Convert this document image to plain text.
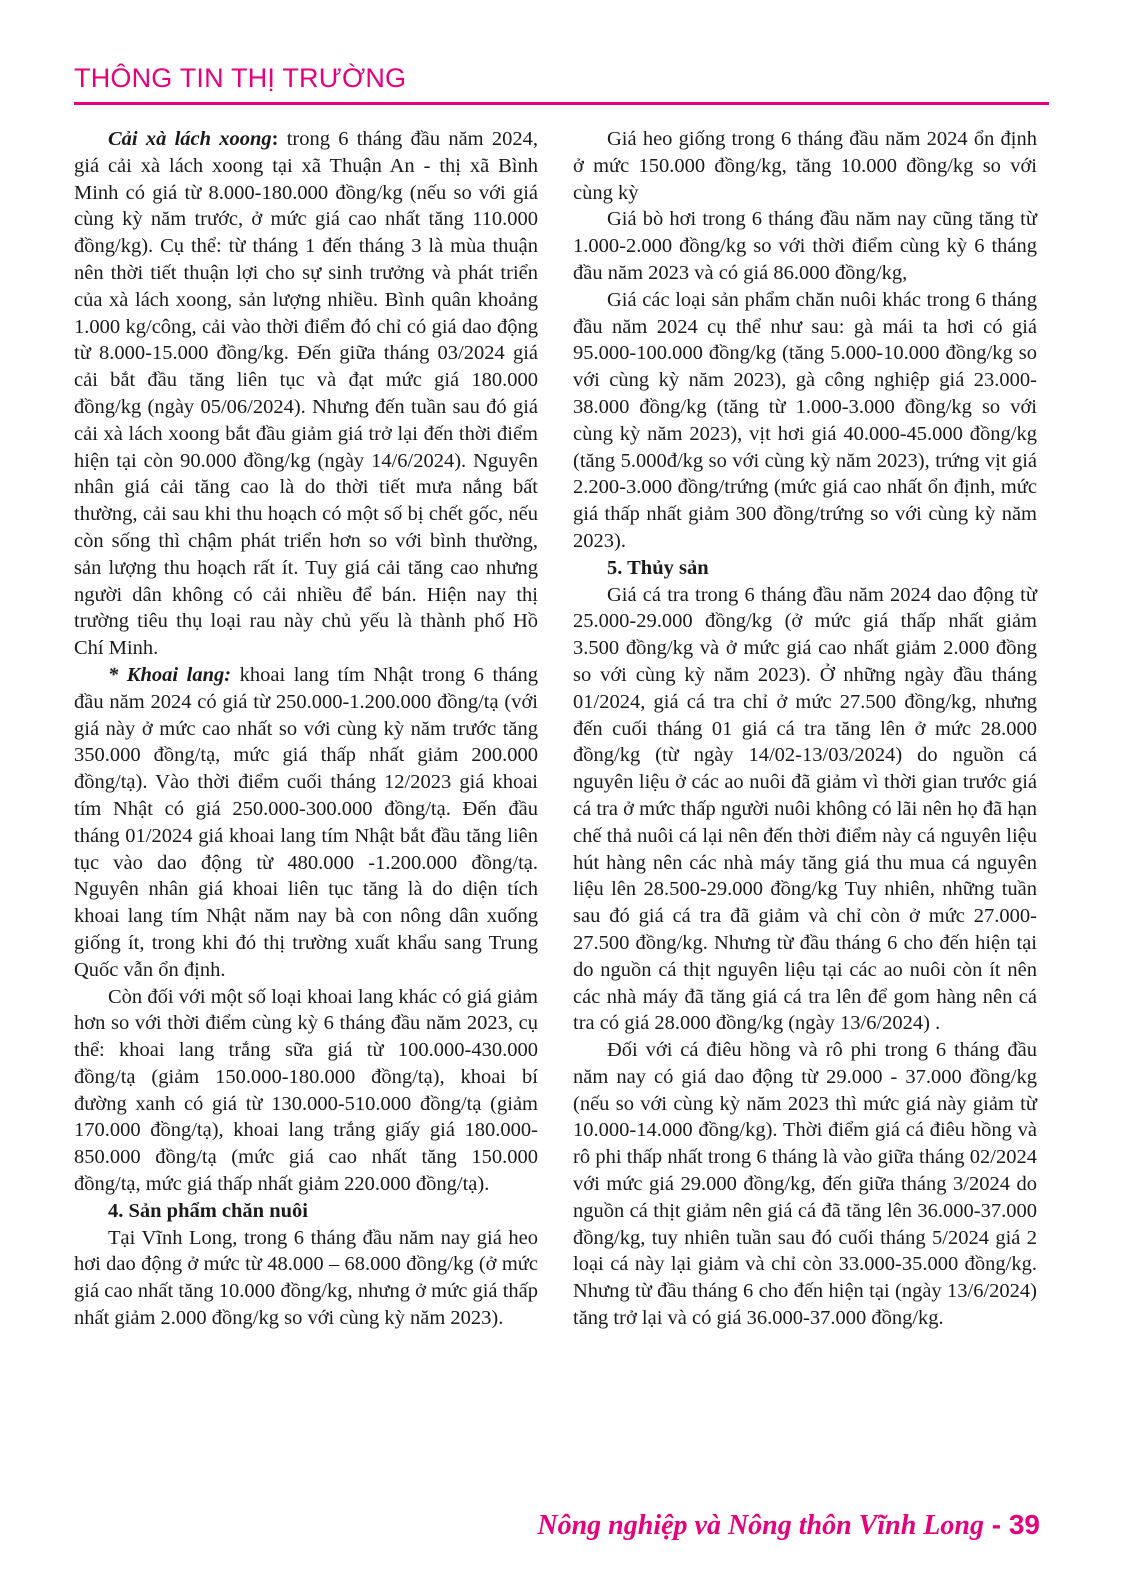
THÔNG TIN THỊ TRƯỜNG

Cải xà lách xoong: trong 6 tháng đầu năm 2024, giá cải xà lách xoong tại xã Thuận An - thị xã Bình Minh có giá từ 8.000-180.000 đồng/kg (nếu so với giá cùng kỳ năm trước, ở mức giá cao nhất tăng 110.000 đồng/kg). Cụ thể: từ tháng 1 đến tháng 3 là mùa thuận nên thời tiết thuận lợi cho sự sinh trưởng và phát triển của xà lách xoong, sản lượng nhiều. Bình quân khoảng 1.000 kg/công, cải vào thời điểm đó chỉ có giá dao động từ 8.000-15.000 đồng/kg. Đến giữa tháng 03/2024 giá cải bắt đầu tăng liên tục và đạt mức giá 180.000 đồng/kg (ngày 05/06/2024). Nhưng đến tuần sau đó giá cải xà lách xoong bắt đầu giảm giá trở lại đến thời điểm hiện tại còn 90.000 đồng/kg (ngày 14/6/2024). Nguyên nhân giá cải tăng cao là do thời tiết mưa nắng bất thường, cải sau khi thu hoạch có một số bị chết gốc, nếu còn sống thì chậm phát triển hơn so với bình thường, sản lượng thu hoạch rất ít. Tuy giá cải tăng cao nhưng người dân không có cải nhiều để bán. Hiện nay thị trường tiêu thụ loại rau này chủ yếu là thành phố Hồ Chí Minh.

* Khoai lang: khoai lang tím Nhật trong 6 tháng đầu năm 2024 có giá từ 250.000-1.200.000 đồng/tạ (với giá này ở mức cao nhất so với cùng kỳ năm trước tăng 350.000 đồng/tạ, mức giá thấp nhất giảm 200.000 đồng/tạ). Vào thời điểm cuối tháng 12/2023 giá khoai tím Nhật có giá 250.000-300.000 đồng/tạ. Đến đầu tháng 01/2024 giá khoai lang tím Nhật bắt đầu tăng liên tục vào dao động từ 480.000 -1.200.000 đồng/tạ. Nguyên nhân giá khoai liên tục tăng là do diện tích khoai lang tím Nhật năm nay bà con nông dân xuống giống ít, trong khi đó thị trường xuất khẩu sang Trung Quốc vẫn ổn định.

Còn đối với một số loại khoai lang khác có giá giảm hơn so với thời điểm cùng kỳ 6 tháng đầu năm 2023, cụ thể: khoai lang trắng sữa giá từ 100.000-430.000 đồng/tạ (giảm 150.000-180.000 đồng/tạ), khoai bí đường xanh có giá từ 130.000-510.000 đồng/tạ (giảm 170.000 đồng/tạ), khoai lang trắng giấy giá 180.000-850.000 đồng/tạ (mức giá cao nhất tăng 150.000 đồng/tạ, mức giá thấp nhất giảm 220.000 đồng/tạ).

4. Sản phẩm chăn nuôi

Tại Vĩnh Long, trong 6 tháng đầu năm nay giá heo hơi dao động ở mức từ 48.000 – 68.000 đồng/kg (ở mức giá cao nhất tăng 10.000 đồng/kg, nhưng ở mức giá thấp nhất giảm 2.000 đồng/kg so với cùng kỳ năm 2023).

Giá heo giống trong 6 tháng đầu năm 2024 ổn định ở mức 150.000 đồng/kg, tăng 10.000 đồng/kg so với cùng kỳ

Giá bò hơi trong 6 tháng đầu năm nay cũng tăng từ 1.000-2.000 đồng/kg so với thời điểm cùng kỳ 6 tháng đầu năm 2023 và có giá 86.000 đồng/kg,

Giá các loại sản phẩm chăn nuôi khác trong 6 tháng đầu năm 2024 cụ thể như sau: gà mái ta hơi có giá 95.000-100.000 đồng/kg (tăng 5.000-10.000 đồng/kg so với cùng kỳ năm 2023), gà công nghiệp giá 23.000-38.000 đồng/kg (tăng từ 1.000-3.000 đồng/kg so với cùng kỳ năm 2023), vịt hơi giá 40.000-45.000 đồng/kg (tăng 5.000đ/kg so với cùng kỳ năm 2023), trứng vịt giá 2.200-3.000 đồng/trứng (mức giá cao nhất ổn định, mức giá thấp nhất giảm 300 đồng/trứng so với cùng kỳ năm 2023).

5. Thủy sản

Giá cá tra trong 6 tháng đầu năm 2024 dao động từ 25.000-29.000 đồng/kg (ở mức giá thấp nhất giảm 3.500 đồng/kg và ở mức giá cao nhất giảm 2.000 đồng so với cùng kỳ năm 2023). Ở những ngày đầu tháng 01/2024, giá cá tra chỉ ở mức 27.500 đồng/kg, nhưng đến cuối tháng 01 giá cá tra tăng lên ở mức 28.000 đồng/kg (từ ngày 14/02-13/03/2024) do nguồn cá nguyên liệu ở các ao nuôi đã giảm vì thời gian trước giá cá tra ở mức thấp người nuôi không có lãi nên họ đã hạn chế thả nuôi cá lại nên đến thời điểm này cá nguyên liệu hút hàng nên các nhà máy tăng giá thu mua cá nguyên liệu lên 28.500-29.000 đồng/kg Tuy nhiên, những tuần sau đó giá cá tra đã giảm và chỉ còn ở mức 27.000-27.500 đồng/kg. Nhưng từ đầu tháng 6 cho đến hiện tại do nguồn cá thịt nguyên liệu tại các ao nuôi còn ít nên các nhà máy đã tăng giá cá tra lên để gom hàng nên cá tra có giá 28.000 đồng/kg (ngày 13/6/2024) .

Đối với cá điêu hồng và rô phi trong 6 tháng đầu năm nay có giá dao động từ 29.000 - 37.000 đồng/kg (nếu so với cùng kỳ năm 2023 thì mức giá này giảm từ 10.000-14.000 đồng/kg). Thời điểm giá cá điêu hồng và rô phi thấp nhất trong 6 tháng là vào giữa tháng 02/2024 với mức giá 29.000 đồng/kg, đến giữa tháng 3/2024 do nguồn cá thịt giảm nên giá cá đã tăng lên 36.000-37.000 đồng/kg, tuy nhiên tuần sau đó cuối tháng 5/2024 giá 2 loại cá này lại giảm và chỉ còn 33.000-35.000 đồng/kg. Nhưng từ đầu tháng 6 cho đến hiện tại (ngày 13/6/2024) tăng trở lại và có giá 36.000-37.000 đồng/kg.

Nông nghiệp và Nông thôn Vĩnh Long - 39
